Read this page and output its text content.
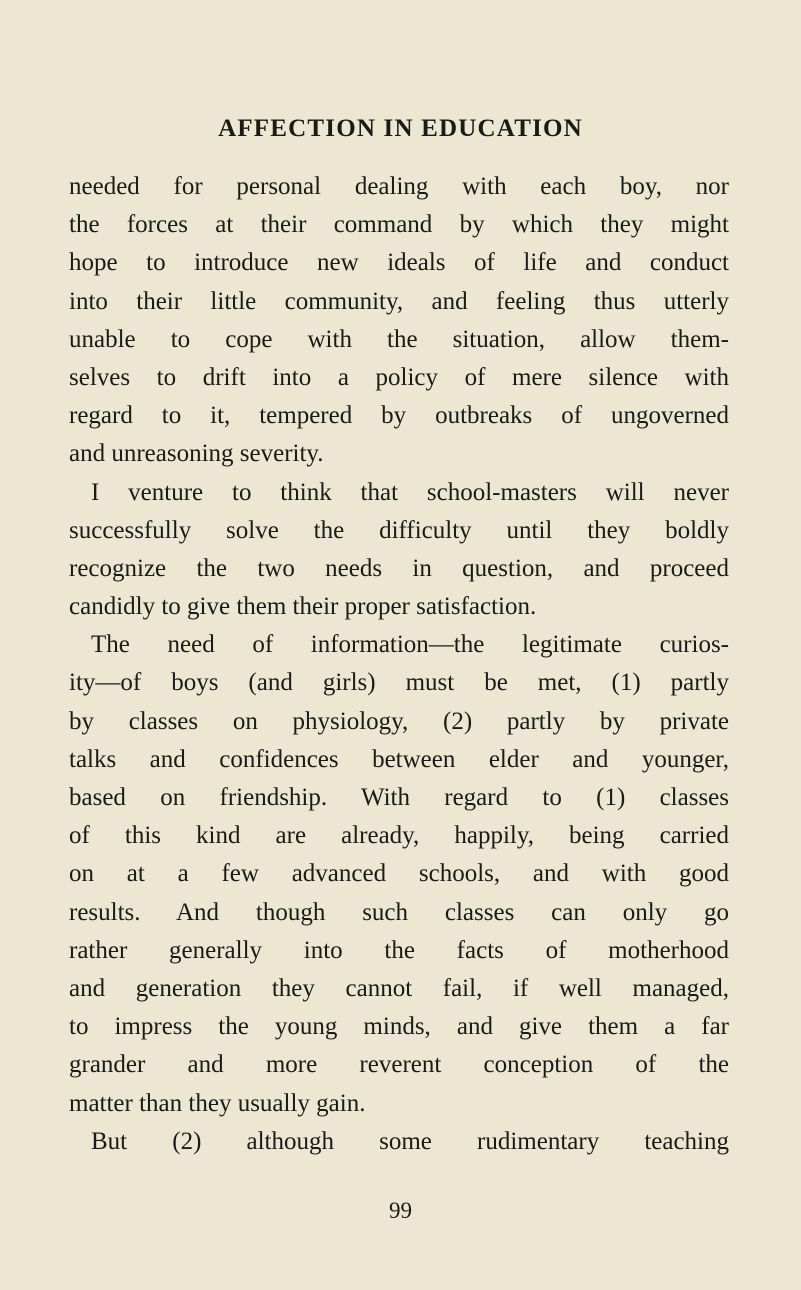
AFFECTION IN EDUCATION
needed for personal dealing with each boy, nor
the forces at their command by which they might
hope to introduce new ideals of life and conduct
into their little community, and feeling thus utterly
unable to cope with the situation, allow them-
selves to drift into a policy of mere silence with
regard to it, tempered by outbreaks of ungoverned
and unreasoning severity.
I venture to think that school-masters will never
successfully solve the difficulty until they boldly
recognize the two needs in question, and proceed
candidly to give them their proper satisfaction.
The need of information—the legitimate curios-
ity—of boys (and girls) must be met, (1) partly
by classes on physiology, (2) partly by private
talks and confidences between elder and younger,
based on friendship. With regard to (1) classes
of this kind are already, happily, being carried
on at a few advanced schools, and with good
results. And though such classes can only go
rather generally into the facts of motherhood
and generation they cannot fail, if well managed,
to impress the young minds, and give them a far
grander and more reverent conception of the
matter than they usually gain.
But (2) although some rudimentary teaching
99
